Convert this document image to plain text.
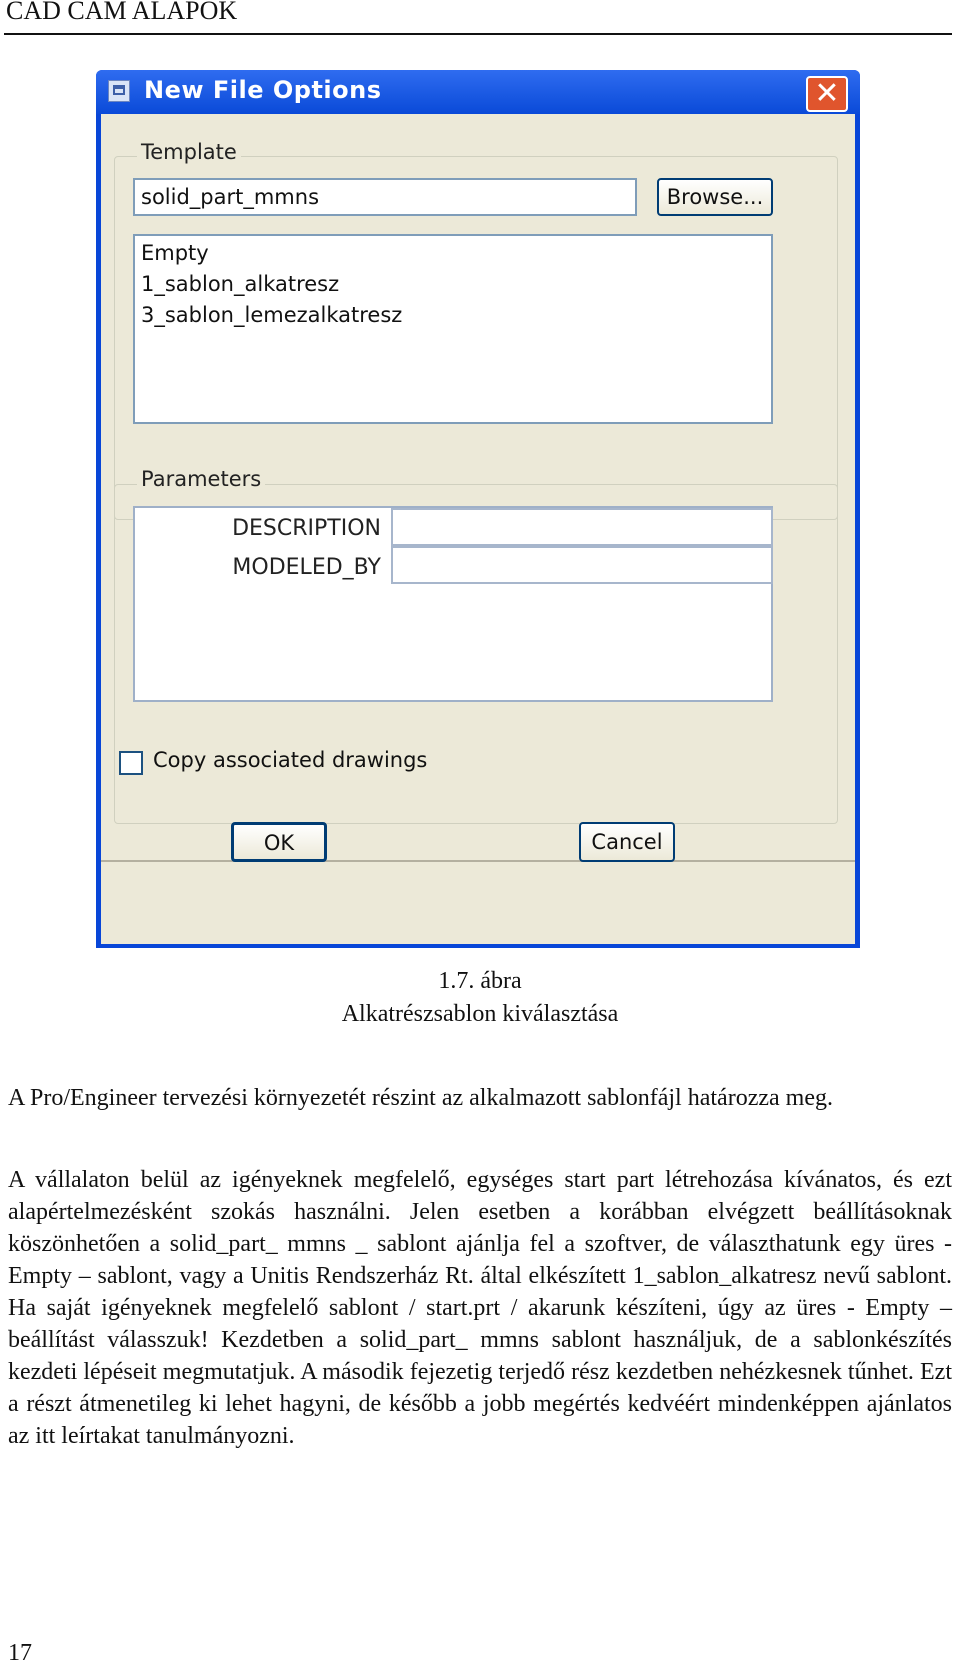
CAD CAM ALAPOK
New File Options	✕
Template
solid_part_mmns	Browse...
Empty
1_sablon_alkatresz
3_sablon_lemezalkatresz
Parameters
DESCRIPTION
MODELED_BY
Copy associated drawings
OK	Cancel
1.7. ábra
Alkatrészsablon kiválasztása
A Pro/Engineer tervezési környezetét részint az alkalmazott sablonfájl határozza meg.
A vállalaton belül az igényeknek megfelelő, egységes start part létrehozása kívánatos, és ezt alapértelmezésként szokás használni. Jelen esetben a korábban elvégzett beállításoknak köszönhetően a solid_part_ mmns _ sablont ajánlja fel a szoftver, de választhatunk egy üres - Empty – sablont, vagy a Unitis Rendszerház Rt. által elkészített 1_sablon_alkatresz nevű sablont. Ha saját igényeknek megfelelő sablont / start.prt / akarunk készíteni, úgy az üres - Empty – beállítást válasszuk! Kezdetben a solid_part_ mmns sablont használjuk, de a sablonkészítés kezdeti lépéseit megmutatjuk. A második fejezetig terjedő rész kezdetben nehézkesnek tűnhet. Ezt a részt átmenetileg ki lehet hagyni, de később a jobb megértés kedvéért mindenképpen ajánlatos az itt leírtakat tanulmányozni.
17
